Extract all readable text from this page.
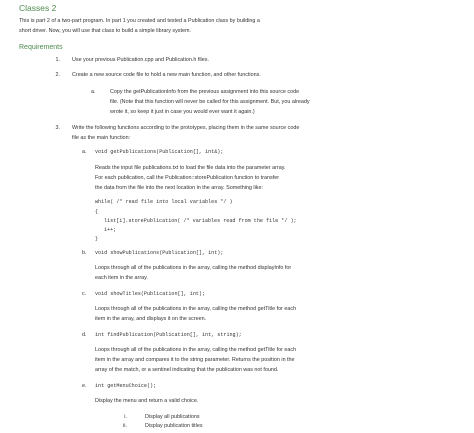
Classes 2
This is part 2 of a two-part program. In part 1 you created and tested a Publication class by building a
short driver. Now, you will use that class to build a simple library system.
Requirements
1. Use your previous Publication.cpp and Publication.h files.
2. Create a new source code file to hold a new main function, and other functions.
a.	Copy the getPublicationInfo from the previous assignment into this source code
file. (Note that this function will never be called for this assignment. But, you already
wrote it, so keep it just in case you would ever want it again.)
3. Write the following functions according to the prototypes, placing them in the same source code
file as the main function:
a. void getPublications(Publication[], int&);
Reads the input file publications.txt to load the file data into the parameter array.
For each publication, call the Publication::storePublication function to transfer
the data from the file into the next location in the array. Something like:
while( /* read file into local variables */ )
{
list[i].storePublication( /* variables read from the file */ );
i++;
}
b. void showPublications(Publication[], int);
Loops through all of the publications in the array, calling the method displayInfo for
each item in the array.
c. void showTitles(Publication[], int);
Loops through all of the publications in the array, calling the method getTitle for each
item in the array, and displays it on the screen.
d. int findPublication(Publication[], int, string);
Loops through all of the publications in the array, calling the method getTitle for each
item in the array and compares it to the string parameter. Returns the position in the
array of the match, or a sentinel indicating that the publication was not found.
e. int getMenuChoice();
Display the menu and return a valid choice.
i.	Display all publications
ii.	Display publication titles
